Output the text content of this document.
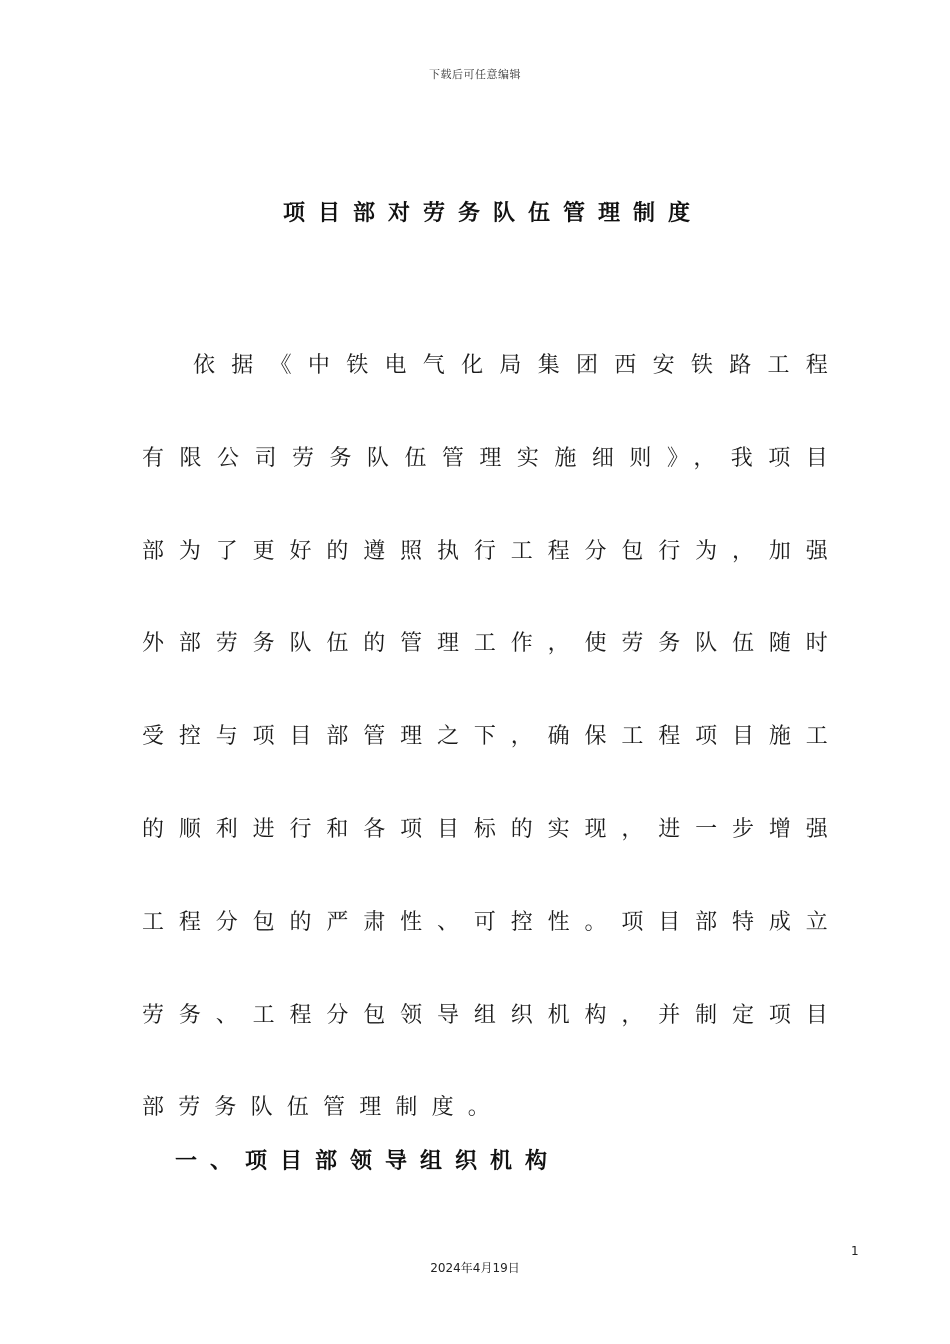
下载后可任意编辑
项目部对劳务队伍管理制度

依据《中铁电气化局集团西安铁路工程有限公司劳务队伍管理实施细则》，我项目部为了更好的遵照执行工程分包行为，加强外部劳务队伍的管理工作，使劳务队伍随时受控与项目部管理之下，确保工程项目施工的顺利进行和各项目标的实现，进一步增强工程分包的严肃性、可控性。项目部特成立劳务、工程分包领导组织机构，并制定项目部劳务队伍管理制度。

一、项目部领导组织机构
1
2024年4月19日
